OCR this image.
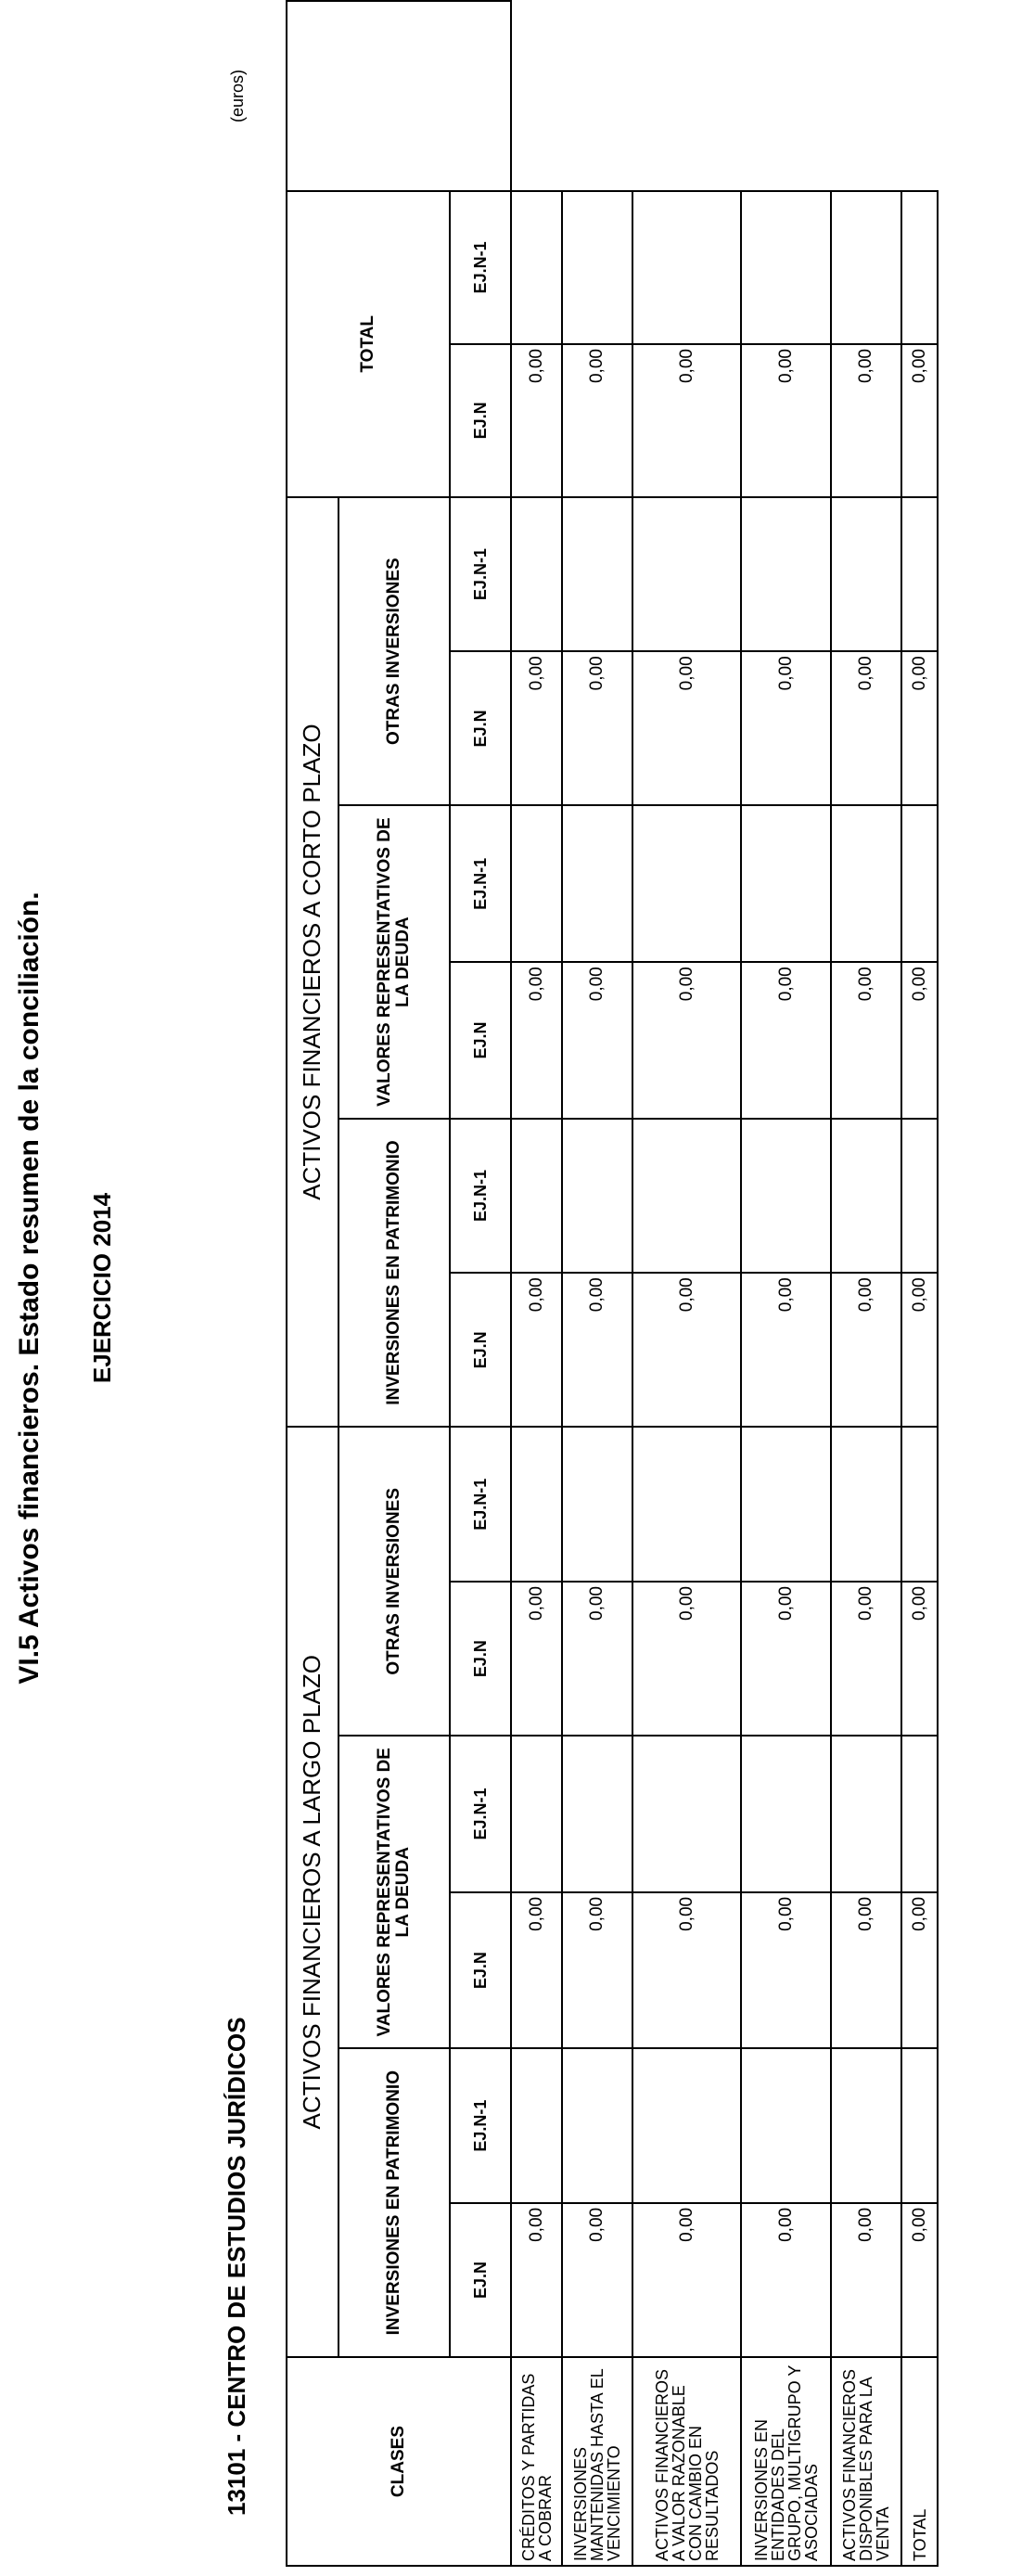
VI.5 Activos financieros. Estado resumen de la conciliación. EJERCICIO 2014
13101 - CENTRO DE ESTUDIOS JURÍDICOS
(euros)
CLASES	ACTIVOS FINANCIEROS A LARGO PLAZO						ACTIVOS FINANCIEROS A CORTO PLAZO						TOTAL		
	INVERSIONES EN PATRIMONIO		VALORES REPRESENTATIVOS DE LA DEUDA		OTRAS INVERSIONES		INVERSIONES EN PATRIMONIO		VALORES REPRESENTATIVOS DE LA DEUDA		OTRAS INVERSIONES				
	EJ.N	EJ.N-1	EJ.N	EJ.N-1	EJ.N	EJ.N-1	EJ.N	EJ.N-1	EJ.N	EJ.N-1	EJ.N	EJ.N-1	EJ.N	EJ.N-1	
CRÉDITOS Y PARTIDAS A COBRAR	0,00		0,00		0,00		0,00		0,00		0,00		0,00		
INVERSIONES MANTENIDAS HASTA EL VENCIMIENTO	0,00		0,00		0,00		0,00		0,00		0,00		0,00		
ACTIVOS FINANCIEROS A VALOR RAZONABLE CON CAMBIO EN RESULTADOS	0,00		0,00		0,00		0,00		0,00		0,00		0,00		
INVERSIONES EN ENTIDADES DEL GRUPO, MULTIGRUPO Y ASOCIADAS	0,00		0,00		0,00		0,00		0,00		0,00		0,00		
ACTIVOS FINANCIEROS DISPONIBLES PARA LA VENTA	0,00		0,00		0,00		0,00		0,00		0,00		0,00		
TOTAL	0,00		0,00		0,00		0,00		0,00		0,00		0,00		
